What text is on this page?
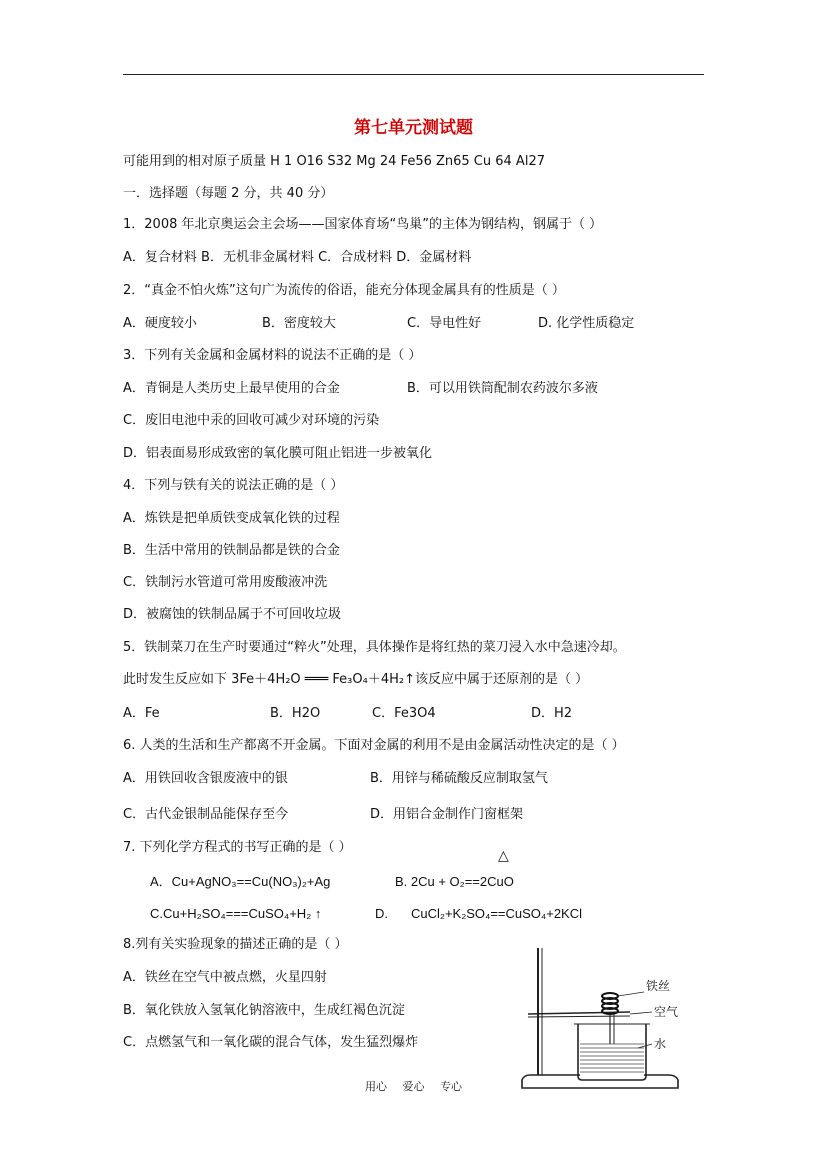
第七单元测试题
可能用到的相对原子质量 H 1 O16 S32 Mg 24 Fe56 Zn65 Cu 64 Al27
一．选择题（每题 2 分，共 40 分）
1．2008 年北京奥运会主会场——国家体育场“鸟巢”的主体为钢结构，钢属于（ ）
A．复合材料 B．无机非金属材料 C．合成材料 D．金属材料
2．“真金不怕火炼”这句广为流传的俗语，能充分体现金属具有的性质是（ ）
A．硬度较小	B．密度较大	C．导电性好	D. 化学性质稳定
3．下列有关金属和金属材料的说法不正确的是（ ）
A．青铜是人类历史上最早使用的合金	B．可以用铁筒配制农药波尔多液
C．废旧电池中汞的回收可减少对环境的污染
D．铝表面易形成致密的氧化膜可阻止铝进一步被氧化
4．下列与铁有关的说法正确的是（ ）
A．炼铁是把单质铁变成氧化铁的过程
B．生活中常用的铁制品都是铁的合金
C．铁制污水管道可常用废酸液冲洗
D．被腐蚀的铁制品属于不可回收垃圾
5．铁制菜刀在生产时要通过“粹火”处理，具体操作是将红热的菜刀浸入水中急速冷却。
此时发生反应如下 3Fe＋4H₂O ═══ Fe₃O₄＋4H₂↑该反应中属于还原剂的是（ ）
A．Fe	B．H2O	C．Fe3O4	D．H2
6. 人类的生活和生产都离不开金属。下面对金属的利用不是由金属活动性决定的是（ ）
A．用铁回收含银废液中的银	B．用锌与稀硫酸反应制取氢气
C．古代金银制品能保存至今	D．用铝合金制作门窗框架
7. 下列化学方程式的书写正确的是（ ）
△
A．Cu+AgNO₃==Cu(NO₃)₂+Ag	B. 2Cu + O₂==2CuO
C.Cu+H₂SO₄===CuSO₄+H₂ ↑	D. CuCl₂+K₂SO₄==CuSO₄+2KCl
8.列有关实验现象的描述正确的是（ ）
A．铁丝在空气中被点燃，火星四射
B．氧化铁放入氢氧化钠溶液中，生成红褐色沉淀
C．点燃氢气和一氧化碳的混合气体，发生猛烈爆炸
铁丝
空气
水
用心 爱心 专心
